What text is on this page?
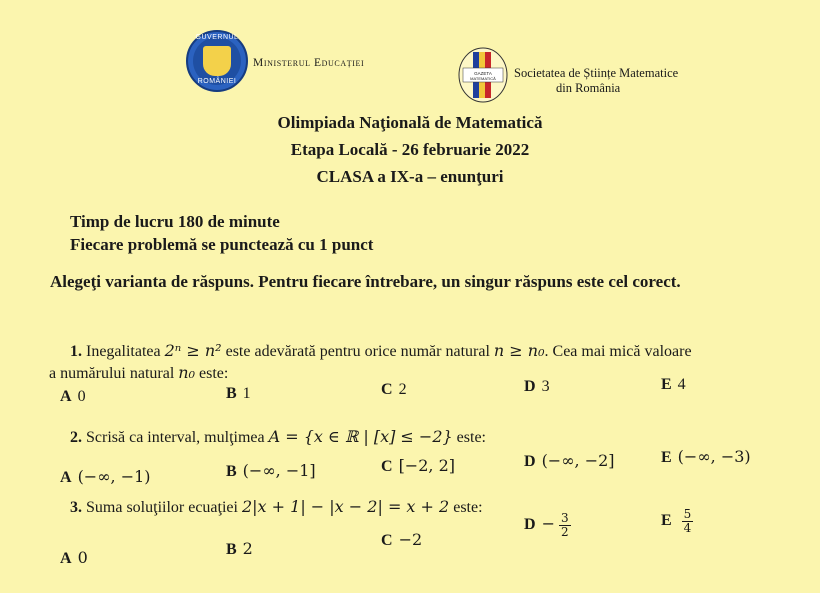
GUVERNUL
ROMÂNIEI
Ministerul Educației
GAZETA
MATEMATICĂ Societatea de Științe Matematice
din România
Olimpiada Naţională de Matematică
Etapa Locală - 26 februarie 2022
CLASA a IX-a – enunţuri
Timp de lucru 180 de minute
Fiecare problemă se punctează cu 1 punct
Alegeţi varianta de răspuns. Pentru fiecare întrebare, un singur răspuns este cel corect.
1. Inegalitatea 2ⁿ ≥ n² este adevărată pentru orice număr natural n ≥ n₀. Cea mai mică valoare
a numărului natural n₀ este:
A 0	B 1	C 2	D 3	E 4
2. Scrisă ca interval, mulţimea A = {x ∈ ℝ | [x] ≤ −2} este:
A (−∞, −1)	B (−∞, −1]	C [−2, 2]	D (−∞, −2]	E (−∞, −3)
3. Suma soluţiilor ecuaţiei 2|x + 1| − |x − 2| = x + 2 este:
A 0	B 2	C −2
$D - \frac{3}{2}$	E $\frac{5}{4}$
